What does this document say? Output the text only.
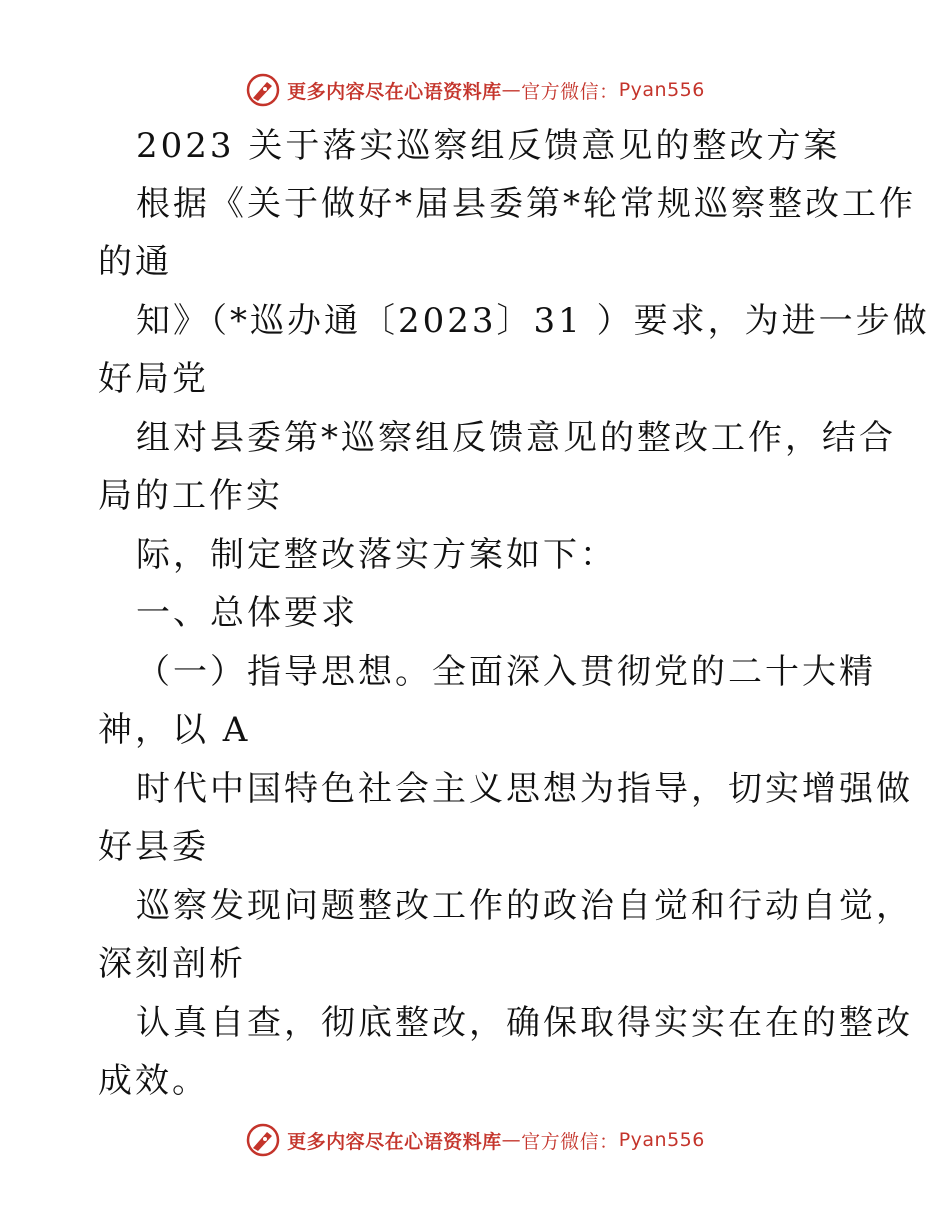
更多内容尽在心语资料库 — 官方微信： Pyan556
2023 关于落实巡察组反馈意见的整改方案
根据《关于做好*届县委第*轮常规巡察整改工作
的通
知》（*巡办通〔2023〕31 ）要求，为进一步做
好局党
组对县委第*巡察组反馈意见的整改工作，结合
局的工作实
际，制定整改落实方案如下：
一、总体要求
（一）指导思想。全面深入贯彻党的二十大精
神，以 A
时代中国特色社会主义思想为指导，切实增强做
好县委
巡察发现问题整改工作的政治自觉和行动自觉，
深刻剖析
认真自查，彻底整改，确保取得实实在在的整改
成效。
更多内容尽在心语资料库 — 官方微信： Pyan556
